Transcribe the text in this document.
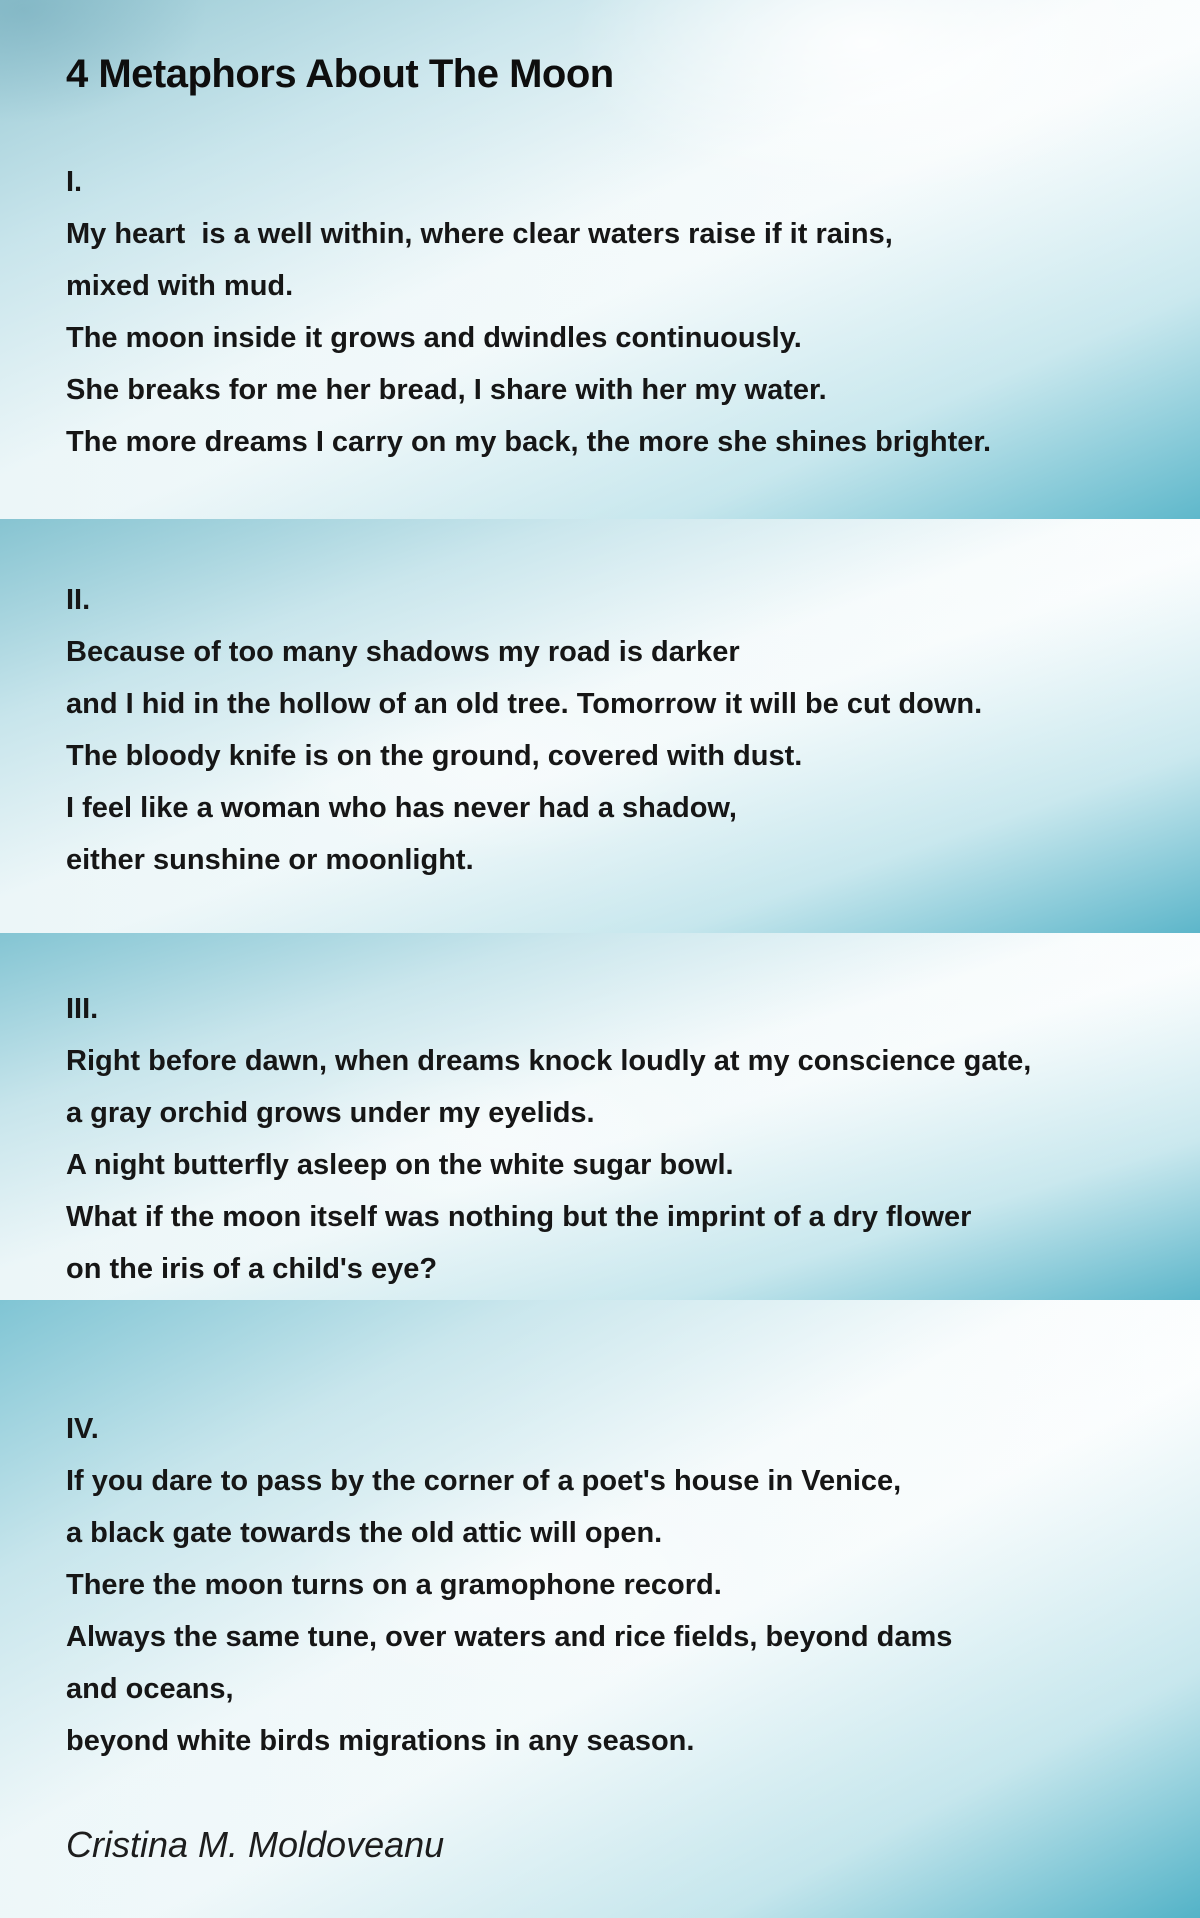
4 Metaphors About The Moon

I.

My heart  is a well within, where clear waters raise if it rains,

mixed with mud.

The moon inside it grows and dwindles continuously.

She breaks for me her bread, I share with her my water.

The more dreams I carry on my back, the more she shines brighter.

II.

Because of too many shadows my road is darker

and I hid in the hollow of an old tree. Tomorrow it will be cut down.

The bloody knife is on the ground, covered with dust.

I feel like a woman who has never had a shadow,

either sunshine or moonlight.

III.

Right before dawn, when dreams knock loudly at my conscience gate,

a gray orchid grows under my eyelids.

A night butterfly asleep on the white sugar bowl.

What if the moon itself was nothing but the imprint of a dry flower

on the iris of a child's eye?

IV.

If you dare to pass by the corner of a poet's house in Venice,

a black gate towards the old attic will open.

There the moon turns on a gramophone record.

Always the same tune, over waters and rice fields, beyond dams

and oceans,

beyond white birds migrations in any season.

Cristina M. Moldoveanu
